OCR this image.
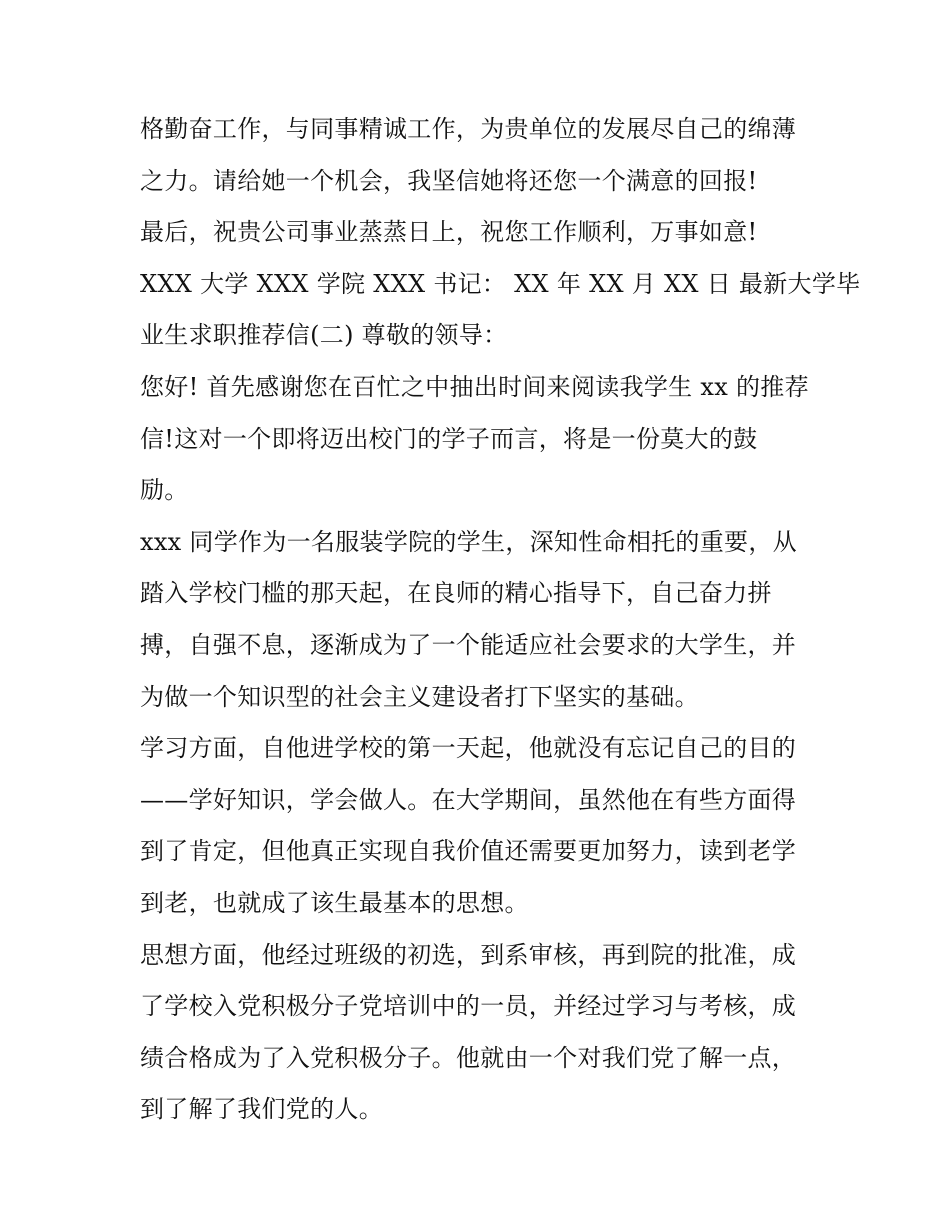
格勤奋工作，与同事精诚工作，为贵单位的发展尽自己的绵薄
之力。请给她一个机会，我坚信她将还您一个满意的回报!
最后，祝贵公司事业蒸蒸日上，祝您工作顺利，万事如意!
XXX 大学 XXX 学院 XXX 书记： XX 年 XX 月 XX 日 最新大学毕
业生求职推荐信(二) 尊敬的领导：
您好! 首先感谢您在百忙之中抽出时间来阅读我学生 xx 的推荐
信!这对一个即将迈出校门的学子而言，将是一份莫大的鼓
励。
xxx 同学作为一名服装学院的学生，深知性命相托的重要，从
踏入学校门槛的那天起，在良师的精心指导下，自己奋力拼
搏，自强不息，逐渐成为了一个能适应社会要求的大学生，并
为做一个知识型的社会主义建设者打下坚实的基础。
学习方面，自他进学校的第一天起，他就没有忘记自己的目的
——学好知识，学会做人。在大学期间，虽然他在有些方面得
到了肯定，但他真正实现自我价值还需要更加努力，读到老学
到老，也就成了该生最基本的思想。
思想方面，他经过班级的初选，到系审核，再到院的批准，成
了学校入党积极分子党培训中的一员，并经过学习与考核，成
绩合格成为了入党积极分子。他就由一个对我们党了解一点，
到了解了我们党的人。
